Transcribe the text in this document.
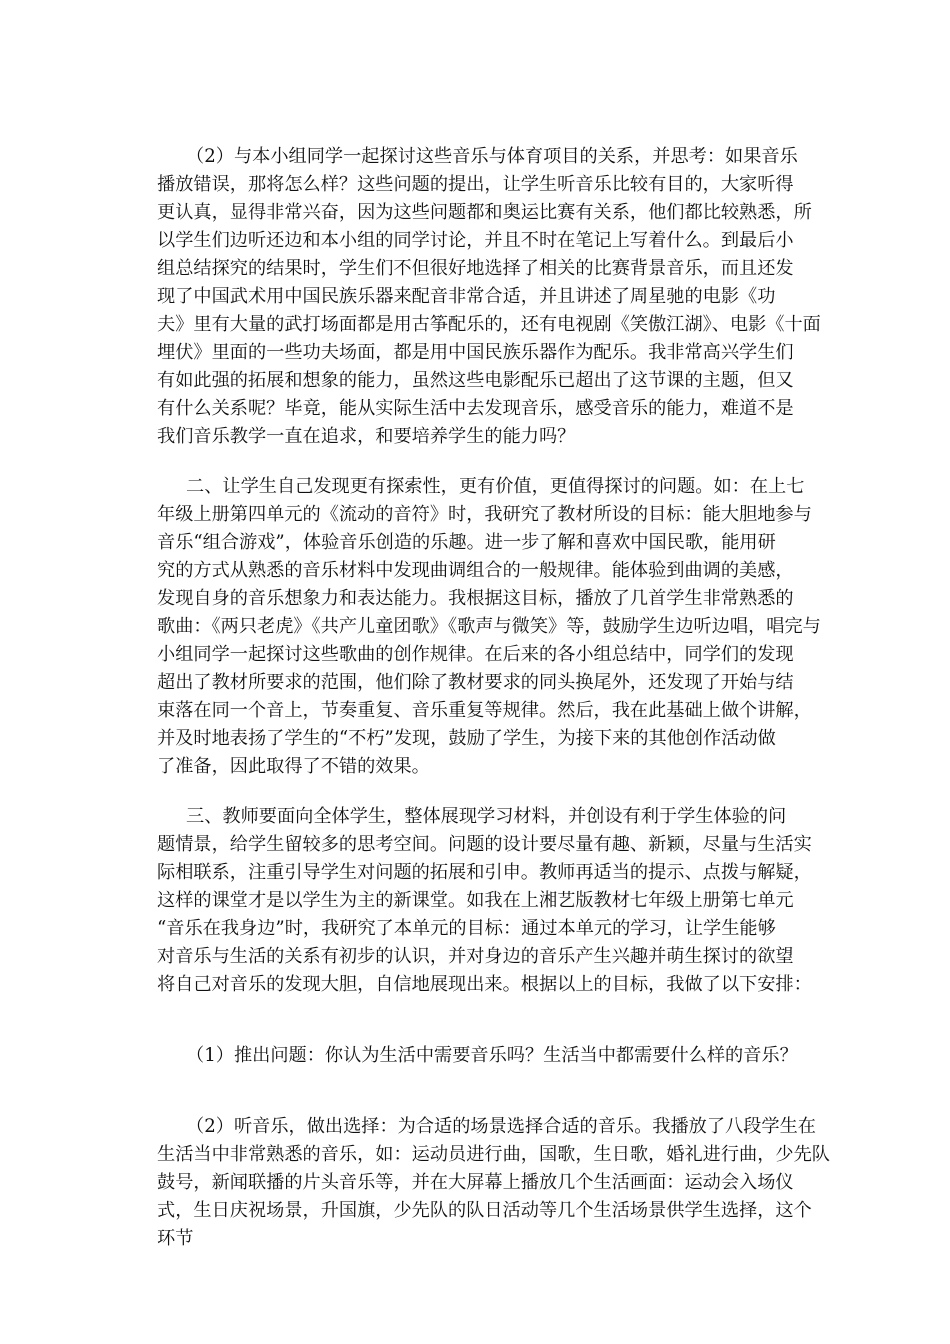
（2）与本小组同学一起探讨这些音乐与体育项目的关系，并思考：如果音乐
播放错误，那将怎么样？这些问题的提出，让学生听音乐比较有目的，大家听得
更认真，显得非常兴奋，因为这些问题都和奥运比赛有关系，他们都比较熟悉，所
以学生们边听还边和本小组的同学讨论，并且不时在笔记上写着什么。到最后小
组总结探究的结果时，学生们不但很好地选择了相关的比赛背景音乐，而且还发
现了中国武术用中国民族乐器来配音非常合适，并且讲述了周星驰的电影《功
夫》里有大量的武打场面都是用古筝配乐的，还有电视剧《笑傲江湖》、电影《十面
埋伏》里面的一些功夫场面，都是用中国民族乐器作为配乐。我非常高兴学生们
有如此强的拓展和想象的能力，虽然这些电影配乐已超出了这节课的主题，但又
有什么关系呢？毕竟，能从实际生活中去发现音乐，感受音乐的能力，难道不是
我们音乐教学一直在追求，和要培养学生的能力吗？
二、让学生自己发现更有探索性，更有价值，更值得探讨的问题。如：在上七
年级上册第四单元的《流动的音符》时，我研究了教材所设的目标：能大胆地参与
音乐“组合游戏”，体验音乐创造的乐趣。进一步了解和喜欢中国民歌，能用研
究的方式从熟悉的音乐材料中发现曲调组合的一般规律。能体验到曲调的美感，
发现自身的音乐想象力和表达能力。我根据这目标，播放了几首学生非常熟悉的
歌曲：《两只老虎》《共产儿童团歌》《歌声与微笑》等，鼓励学生边听边唱，唱完与
小组同学一起探讨这些歌曲的创作规律。在后来的各小组总结中，同学们的发现
超出了教材所要求的范围，他们除了教材要求的同头换尾外，还发现了开始与结
束落在同一个音上，节奏重复、音乐重复等规律。然后，我在此基础上做个讲解，
并及时地表扬了学生的“不朽”发现，鼓励了学生，为接下来的其他创作活动做
了准备，因此取得了不错的效果。
三、教师要面向全体学生，整体展现学习材料，并创设有利于学生体验的问
题情景，给学生留较多的思考空间。问题的设计要尽量有趣、新颖，尽量与生活实
际相联系，注重引导学生对问题的拓展和引申。教师再适当的提示、点拨与解疑，
这样的课堂才是以学生为主的新课堂。如我在上湘艺版教材七年级上册第七单元
“音乐在我身边”时，我研究了本单元的目标：通过本单元的学习，让学生能够
对音乐与生活的关系有初步的认识，并对身边的音乐产生兴趣并萌生探讨的欲望
将自己对音乐的发现大胆，自信地展现出来。根据以上的目标，我做了以下安排：
（1）推出问题：你认为生活中需要音乐吗？生活当中都需要什么样的音乐？
（2）听音乐，做出选择：为合适的场景选择合适的音乐。我播放了八段学生在
生活当中非常熟悉的音乐，如：运动员进行曲，国歌，生日歌，婚礼进行曲，少先队
鼓号，新闻联播的片头音乐等，并在大屏幕上播放几个生活画面：运动会入场仪
式，生日庆祝场景，升国旗，少先队的队日活动等几个生活场景供学生选择，这个
环节
